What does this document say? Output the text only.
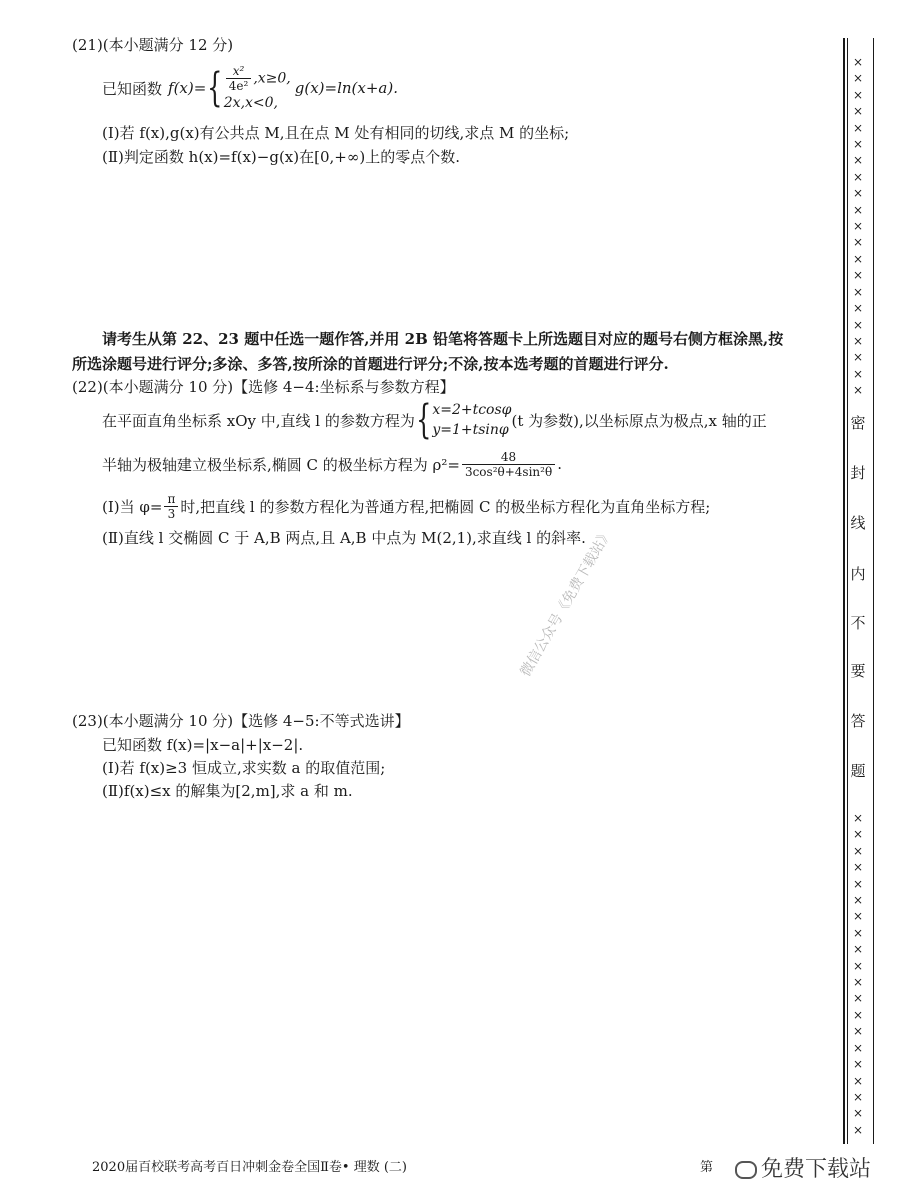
(21)(本小题满分 12 分)
已知函数 f(x)= { $\frac{\text{x²}}{\text{4e²}} ,x\ge 0$,
2x,x<0,
g(x)=ln(x+a).
(Ⅰ)若 f(x),g(x)有公共点 M,且在点 M 处有相同的切线,求点 M 的坐标;
(Ⅱ)判定函数 h(x)=f(x)−g(x)在[0,+∞)上的零点个数.
请考生从第 22、23 题中任选一题作答,并用 2B 铅笔将答题卡上所选题目对应的题号右侧方框涂黑,按
所选涂题号进行评分;多涂、多答,按所涂的首题进行评分;不涂,按本选考题的首题进行评分.
(22)(本小题满分 10 分)【选修 4−4:坐标系与参数方程】
在平面直角坐标系 xOy 中,直线 l 的参数方程为 { x=2+tcosφ
y=1+tsinφ
(t 为参数),以坐标原点为极点,x 轴的正
半轴为极轴建立极坐标系,椭圆 C 的极坐标方程为 $\rho^2= \frac{48}{\text{3cos²θ+4sin²θ}}$ .
(Ⅰ)当 $\varphi= \frac{\pi}{3}$ 时,把直线 l 的参数方程化为普通方程,把椭圆 C 的极坐标方程化为直角坐标方程;
(Ⅱ)直线 l 交椭圆 C 于 A,B 两点,且 A,B 中点为 M(2,1),求直线 l 的斜率.
微信公众号《免费下载站》
(23)(本小题满分 10 分)【选修 4−5:不等式选讲】
已知函数 f(x)=|x−a|+|x−2|.
(Ⅰ)若 f(x)≥3 恒成立,求实数 a 的取值范围;
(Ⅱ)f(x)≤x 的解集为[2,m],求 a 和 m.
×××××××××××××××××××××
密
封
线
内
不
要
答
题
××××××××××××××××××××
2020届百校联考高考百日冲刺金卷全国Ⅱ卷• 理数 (二)	第	免费下载站
